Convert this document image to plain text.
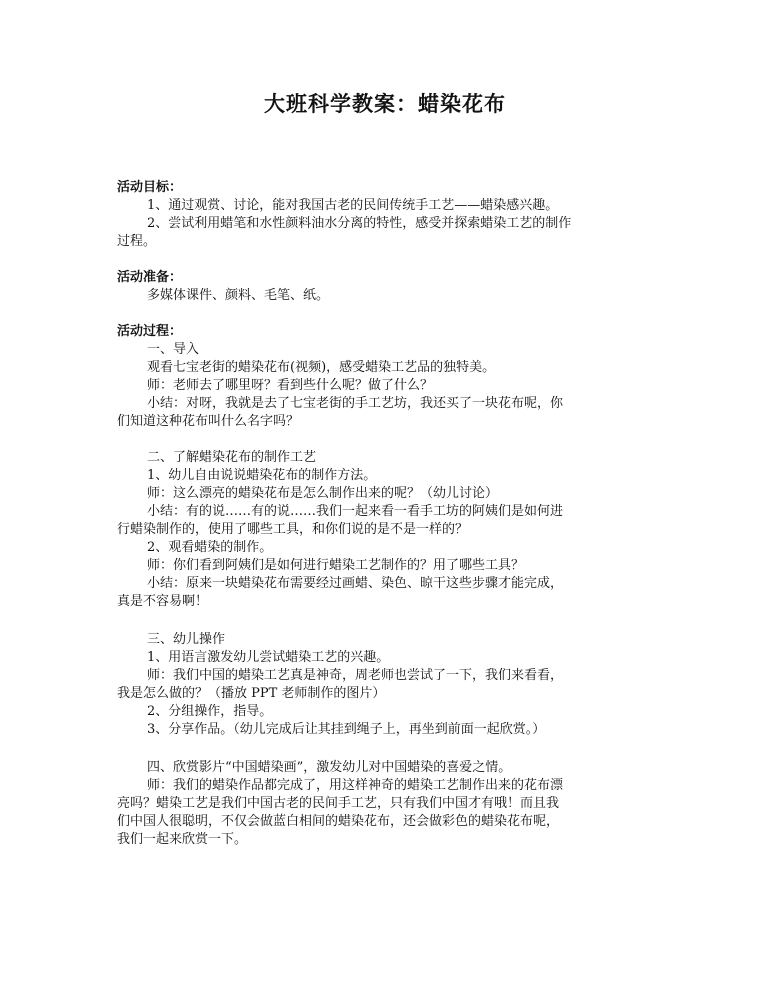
大班科学教案：蜡染花布
活动目标：
1、通过观赏、讨论，能对我国古老的民间传统手工艺——蜡染感兴趣。
2、尝试利用蜡笔和水性颜料油水分离的特性，感受并探索蜡染工艺的制作
过程。
活动准备：
多媒体课件、颜料、毛笔、纸。
活动过程：
一、导入
观看七宝老街的蜡染花布(视频)，感受蜡染工艺品的独特美。
师：老师去了哪里呀？看到些什么呢？做了什么？
小结：对呀，我就是去了七宝老街的手工艺坊，我还买了一块花布呢，你
们知道这种花布叫什么名字吗？
二、了解蜡染花布的制作工艺
1、幼儿自由说说蜡染花布的制作方法。
师：这么漂亮的蜡染花布是怎么制作出来的呢？（幼儿讨论）
小结：有的说……有的说……我们一起来看一看手工坊的阿姨们是如何进
行蜡染制作的，使用了哪些工具，和你们说的是不是一样的？
2、观看蜡染的制作。
师：你们看到阿姨们是如何进行蜡染工艺制作的？用了哪些工具？
小结：原来一块蜡染花布需要经过画蜡、染色、晾干这些步骤才能完成，
真是不容易啊！
三、幼儿操作
1、用语言激发幼儿尝试蜡染工艺的兴趣。
师：我们中国的蜡染工艺真是神奇，周老师也尝试了一下，我们来看看，
我是怎么做的？（播放 PPT 老师制作的图片）
2、分组操作，指导。
3、分享作品。（幼儿完成后让其挂到绳子上，再坐到前面一起欣赏。）
四、欣赏影片“中国蜡染画”，激发幼儿对中国蜡染的喜爱之情。
师：我们的蜡染作品都完成了，用这样神奇的蜡染工艺制作出来的花布漂
亮吗？蜡染工艺是我们中国古老的民间手工艺，只有我们中国才有哦！而且我
们中国人很聪明，不仅会做蓝白相间的蜡染花布，还会做彩色的蜡染花布呢，
我们一起来欣赏一下。
